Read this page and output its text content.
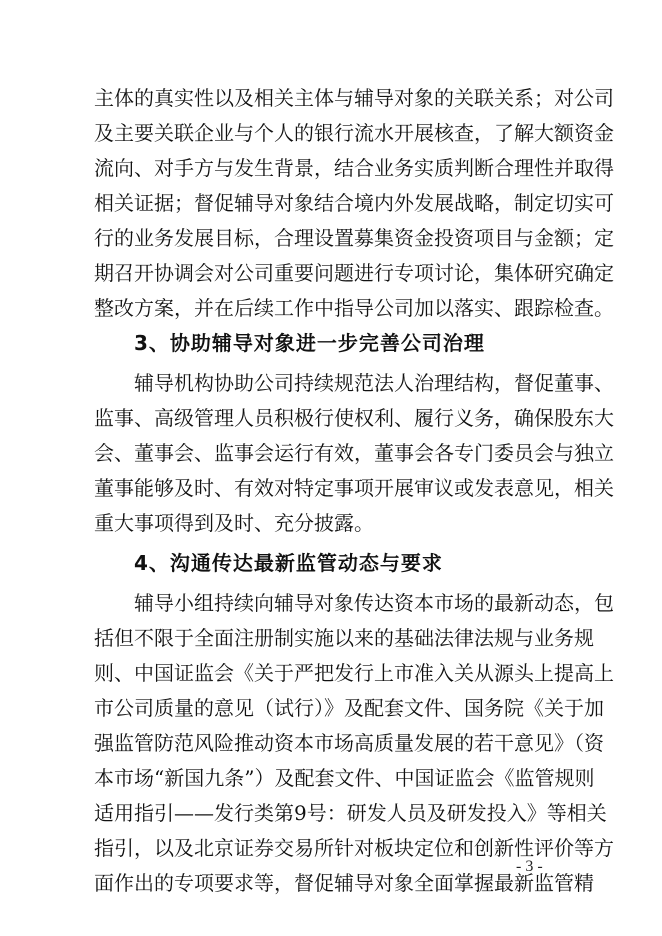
主体的真实性以及相关主体与辅导对象的关联关系；对公司
及主要关联企业与个人的银行流水开展核查，了解大额资金
流向、对手方与发生背景，结合业务实质判断合理性并取得
相关证据；督促辅导对象结合境内外发展战略，制定切实可
行的业务发展目标，合理设置募集资金投资项目与金额；定
期召开协调会对公司重要问题进行专项讨论，集体研究确定
整改方案，并在后续工作中指导公司加以落实、跟踪检查。
3、协助辅导对象进一步完善公司治理
辅导机构协助公司持续规范法人治理结构，督促董事、
监事、高级管理人员积极行使权利、履行义务，确保股东大
会、董事会、监事会运行有效，董事会各专门委员会与独立
董事能够及时、有效对特定事项开展审议或发表意见，相关
重大事项得到及时、充分披露。
4、沟通传达最新监管动态与要求
辅导小组持续向辅导对象传达资本市场的最新动态，包
括但不限于全面注册制实施以来的基础法律法规与业务规
则、中国证监会《关于严把发行上市准入关从源头上提高上
市公司质量的意见（试行）》及配套文件、国务院《关于加
强监管防范风险推动资本市场高质量发展的若干意见》（资
本市场“新国九条”）及配套文件、中国证监会《监管规则
适用指引——发行类第9号：研发人员及研发投入》等相关
指引，以及北京证券交易所针对板块定位和创新性评价等方
面作出的专项要求等，督促辅导对象全面掌握最新监管精
- 3 -
